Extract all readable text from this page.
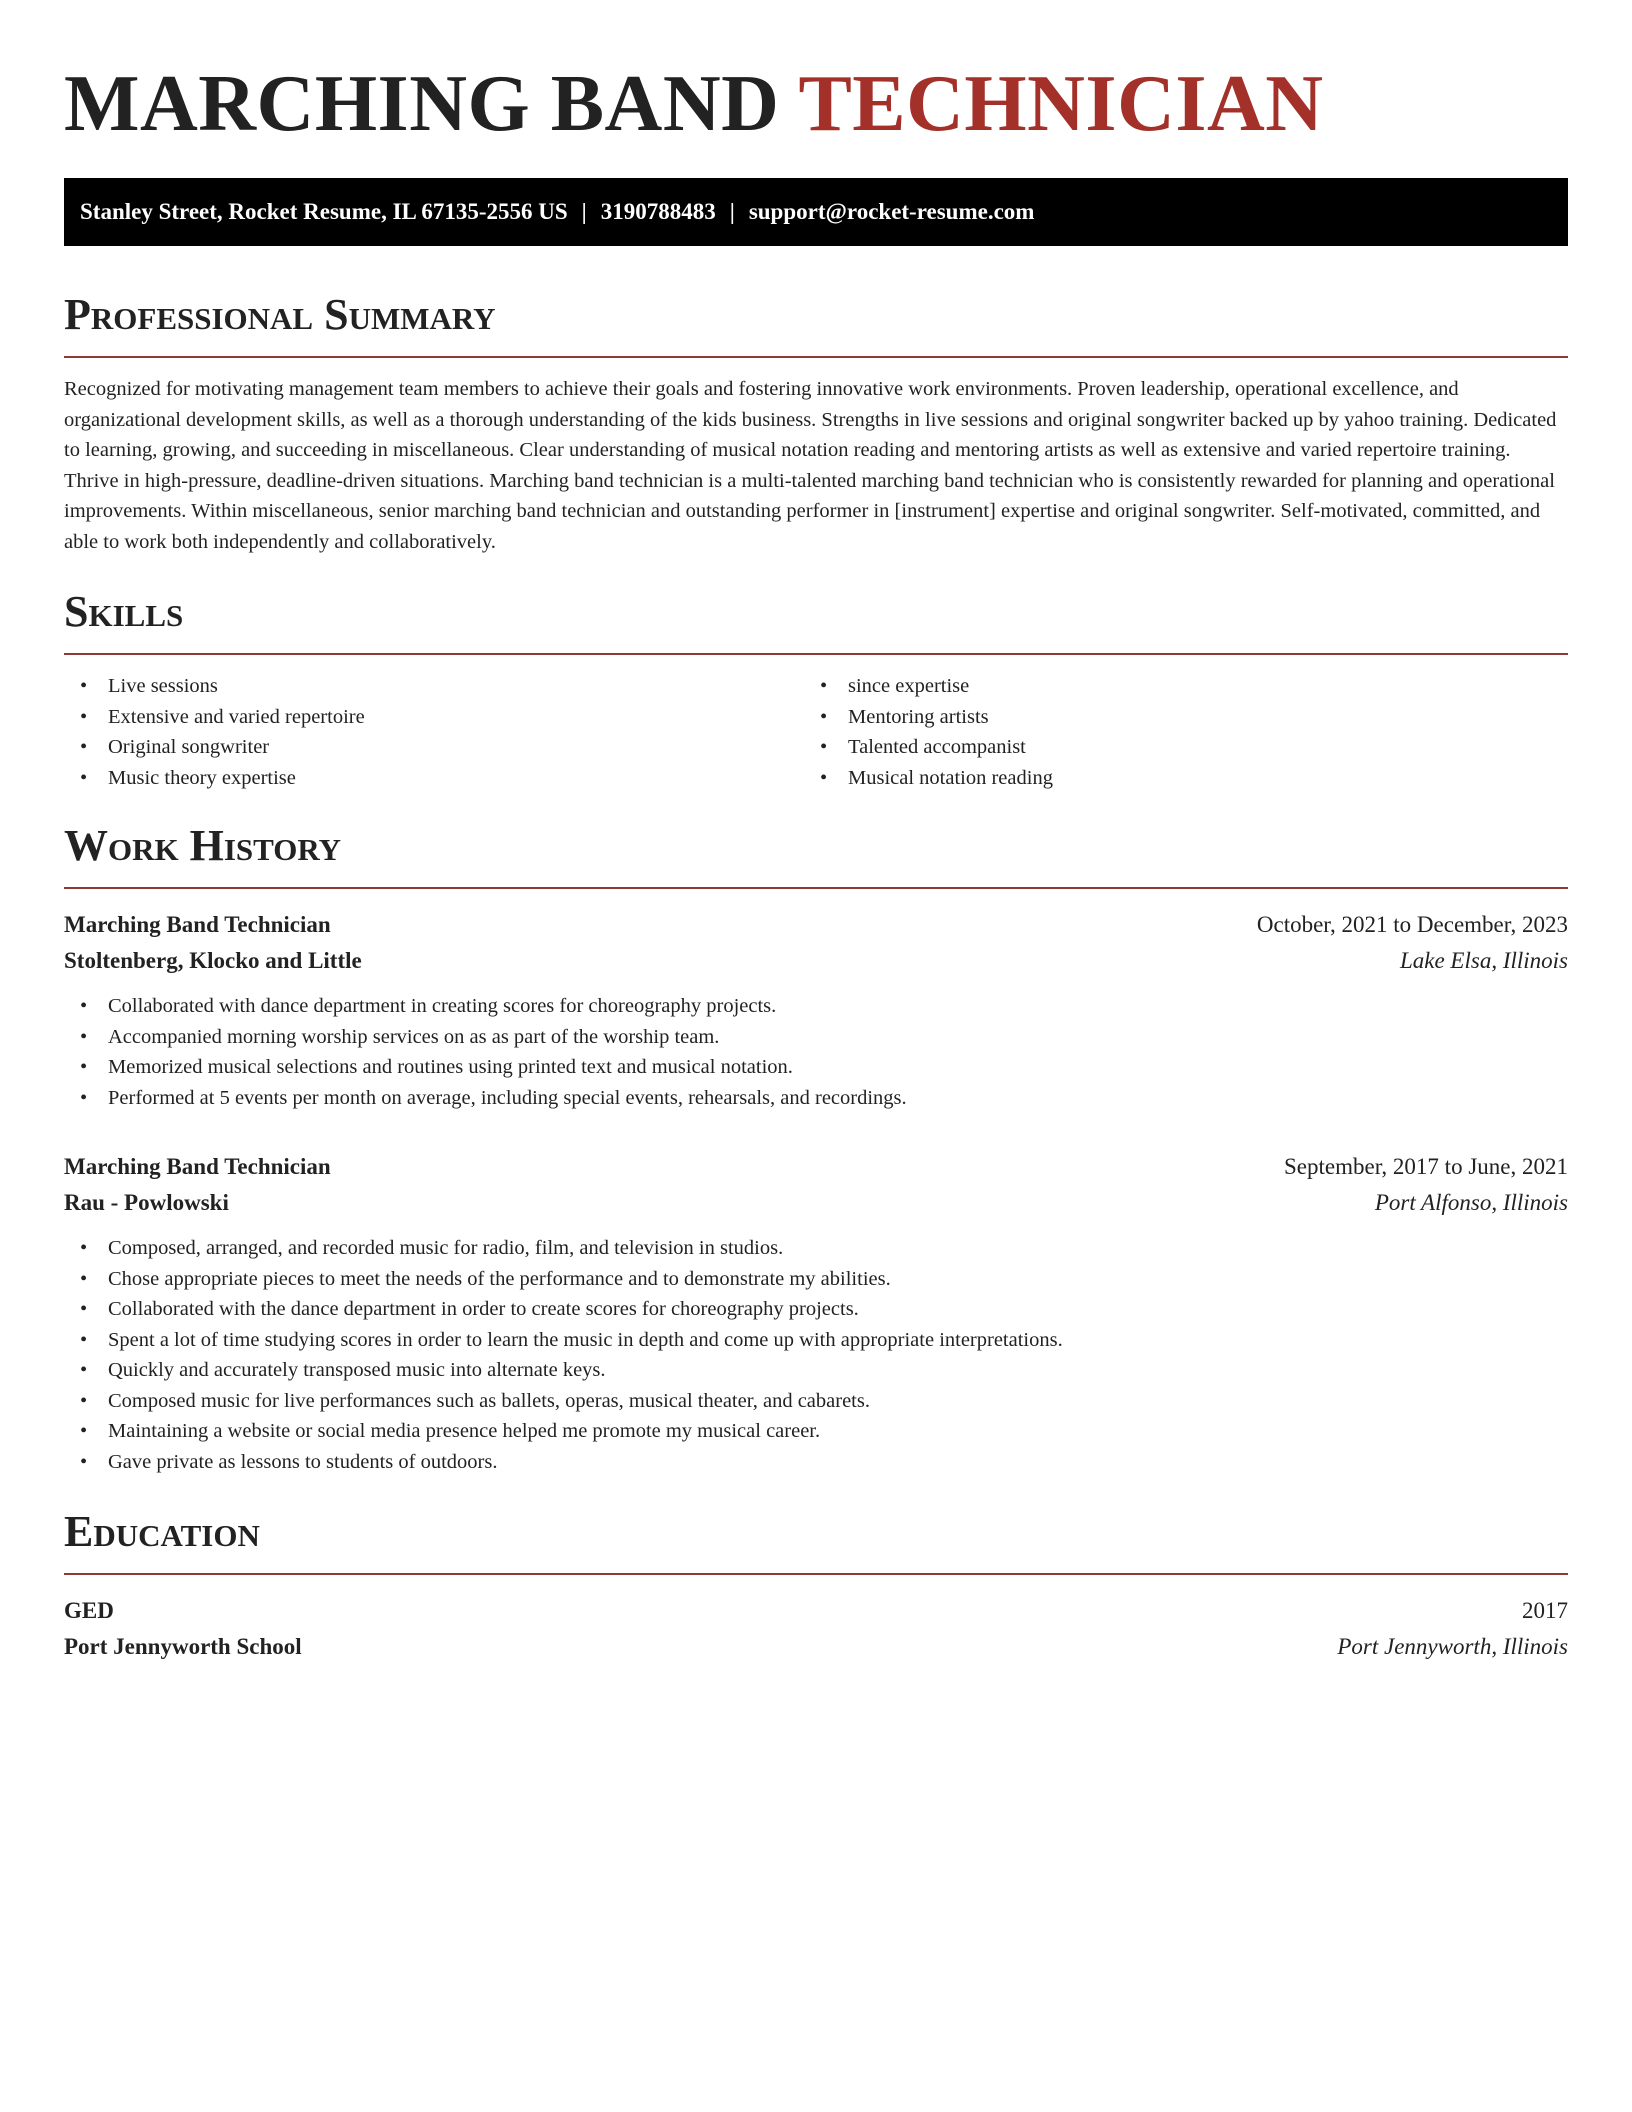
MARCHING BAND TECHNICIAN
Stanley Street, Rocket Resume, IL 67135-2556 US | 3190788483 | support@rocket-resume.com
Professional Summary

Recognized for motivating management team members to achieve their goals and fostering innovative work environments. Proven leadership, operational excellence, and organizational development skills, as well as a thorough understanding of the kids business. Strengths in live sessions and original songwriter backed up by yahoo training. Dedicated to learning, growing, and succeeding in miscellaneous. Clear understanding of musical notation reading and mentoring artists as well as extensive and varied repertoire training. Thrive in high-pressure, deadline-driven situations. Marching band technician is a multi-talented marching band technician who is consistently rewarded for planning and operational improvements. Within miscellaneous, senior marching band technician and outstanding performer in [instrument] expertise and original songwriter. Self-motivated, committed, and able to work both independently and collaboratively.

Skills
• Live sessions
• Extensive and varied repertoire
• Original songwriter
• Music theory expertise
• since expertise
• Mentoring artists
• Talented accompanist
• Musical notation reading
Work History
Marching Band Technician	October, 2021 to December, 2023
Stoltenberg, Klocko and Little	Lake Elsa, Illinois
• Collaborated with dance department in creating scores for choreography projects.
• Accompanied morning worship services on as as part of the worship team.
• Memorized musical selections and routines using printed text and musical notation.
• Performed at 5 events per month on average, including special events, rehearsals, and recordings.
Marching Band Technician	September, 2017 to June, 2021
Rau - Powlowski	Port Alfonso, Illinois
• Composed, arranged, and recorded music for radio, film, and television in studios.
• Chose appropriate pieces to meet the needs of the performance and to demonstrate my abilities.
• Collaborated with the dance department in order to create scores for choreography projects.
• Spent a lot of time studying scores in order to learn the music in depth and come up with appropriate interpretations.
• Quickly and accurately transposed music into alternate keys.
• Composed music for live performances such as ballets, operas, musical theater, and cabarets.
• Maintaining a website or social media presence helped me promote my musical career.
• Gave private as lessons to students of outdoors.
Education
GED	2017
Port Jennyworth School	Port Jennyworth, Illinois
